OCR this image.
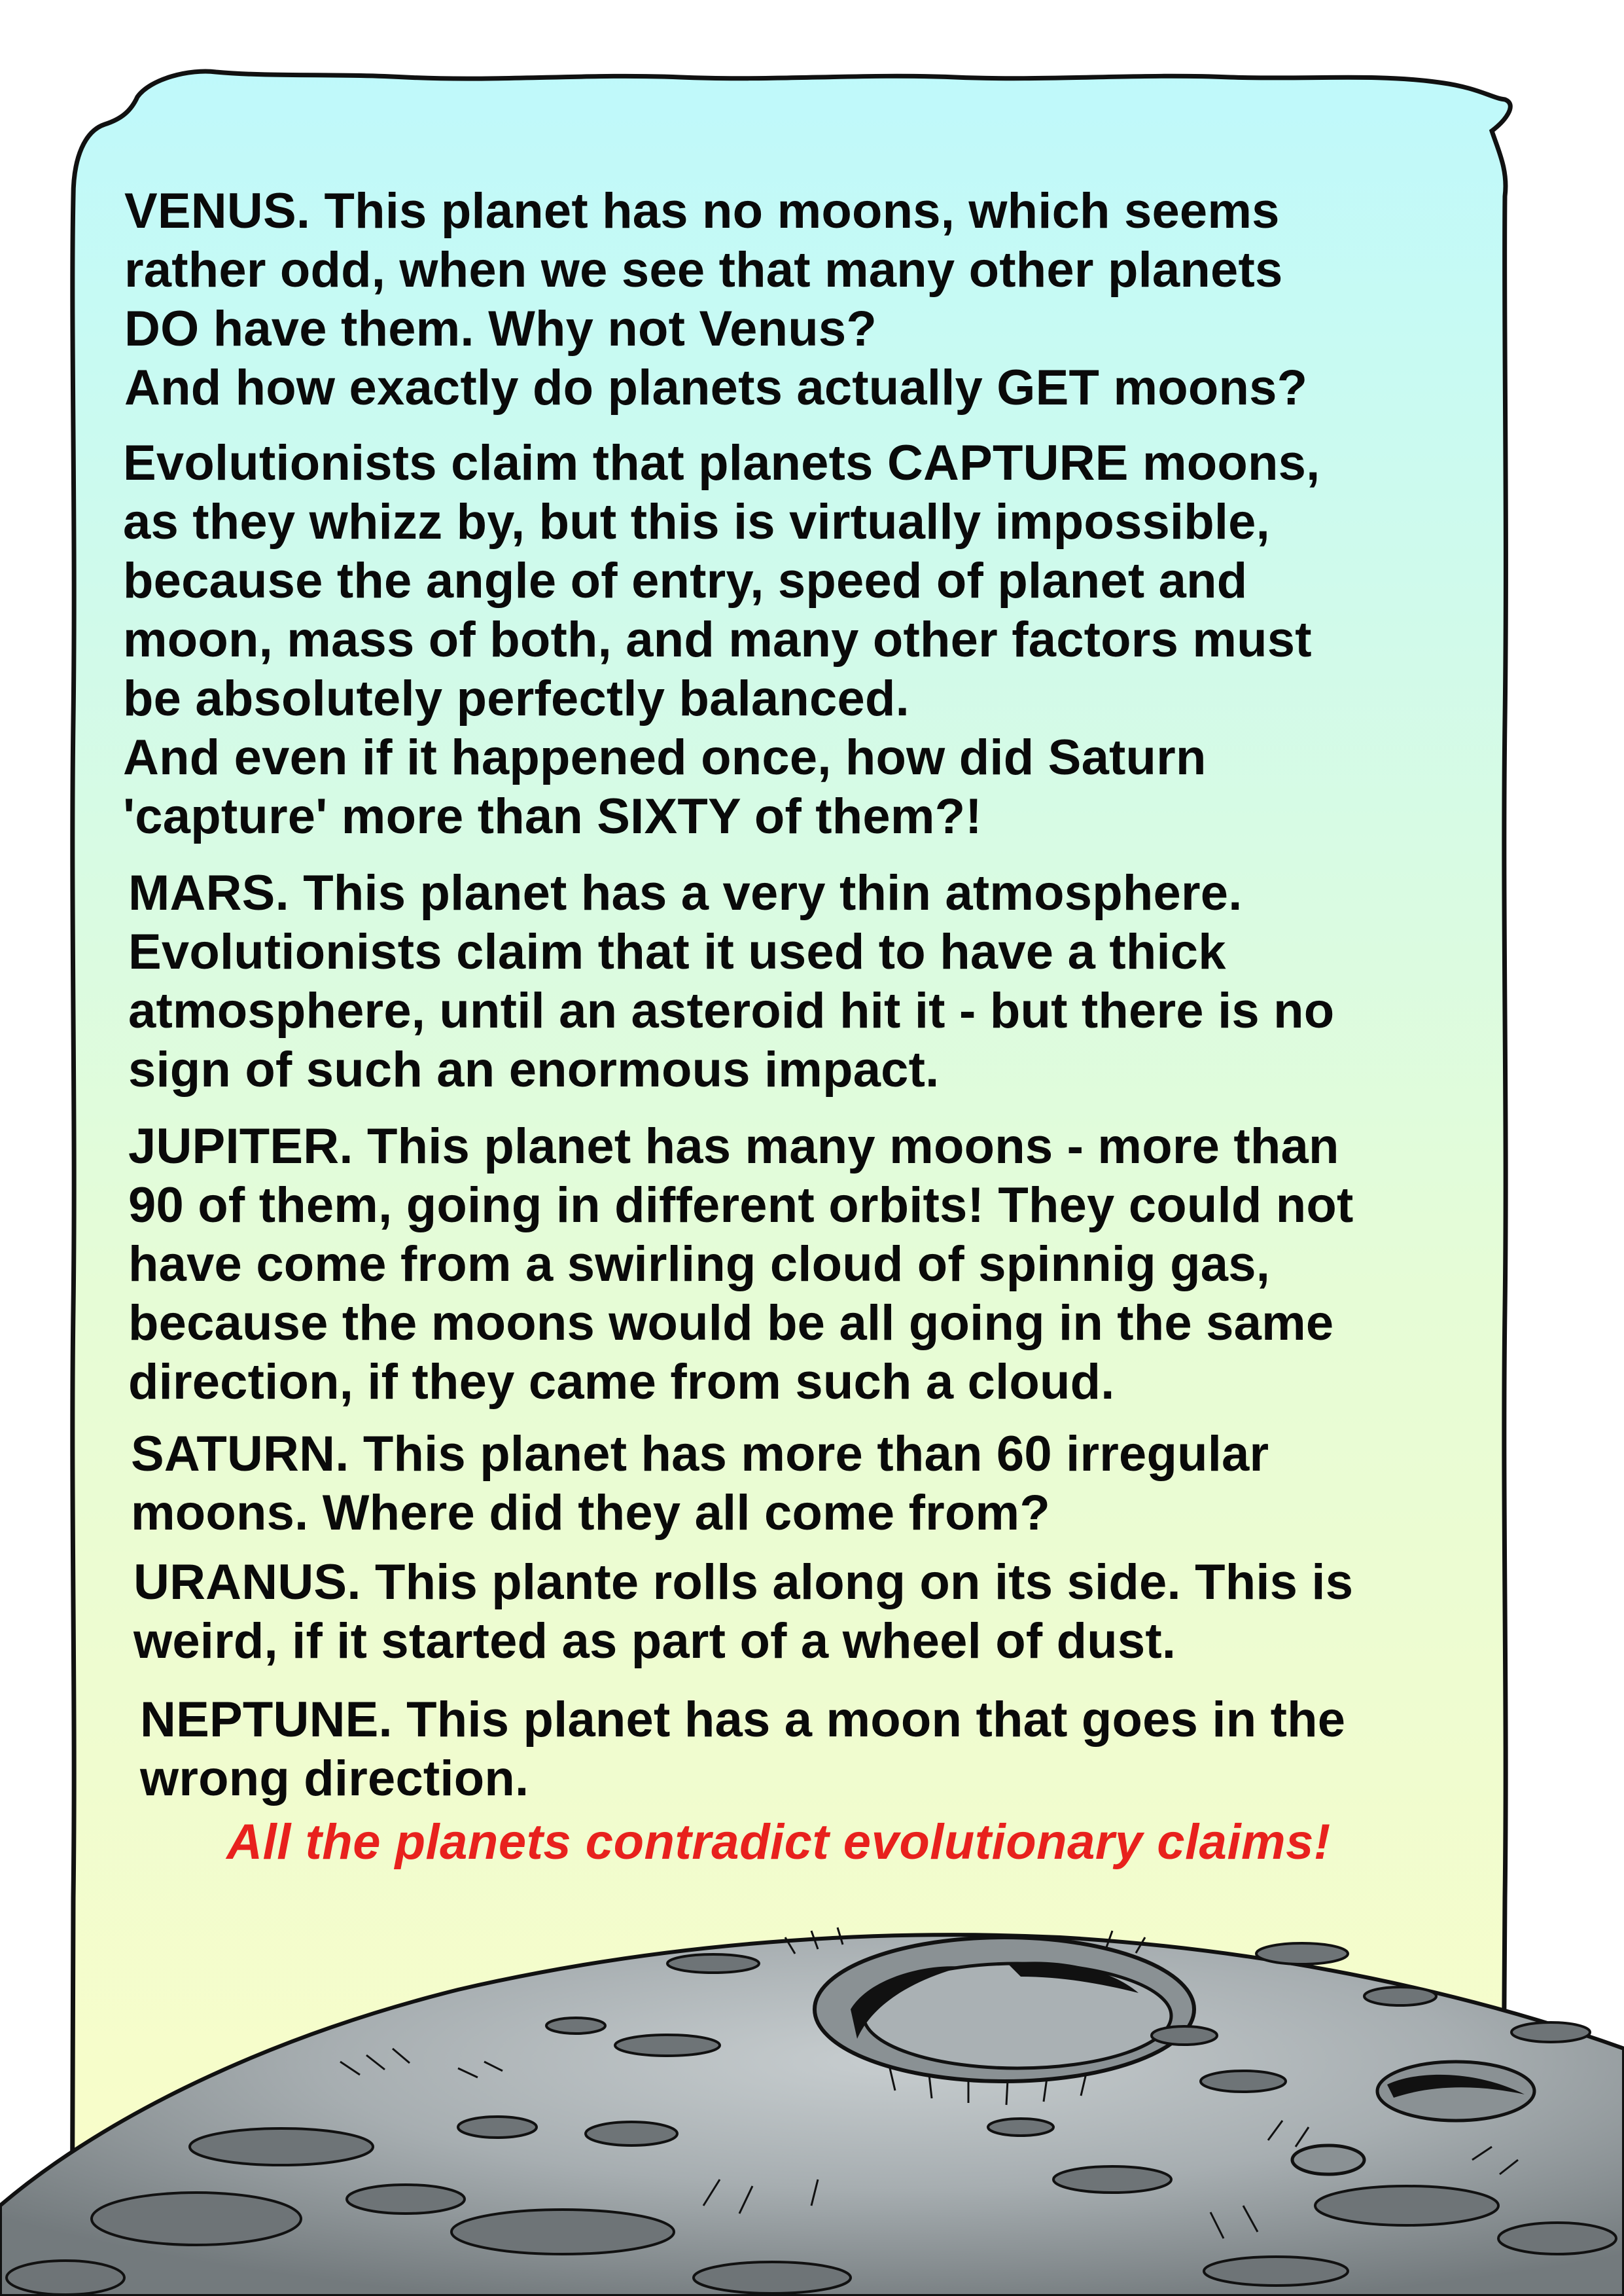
VENUS. This planet has no moons, which seems
rather odd, when we see that many other planets
DO have them. Why not Venus?
And how exactly do planets actually GET moons?

Evolutionists claim that planets CAPTURE moons,
as they whizz by, but this is virtually impossible,
because the angle of entry, speed of planet and
moon, mass of both, and many other factors must
be absolutely perfectly balanced.
And even if it happened once, how did Saturn
'capture' more than SIXTY of them?!

MARS. This planet has a very thin atmosphere.
Evolutionists claim that it used to have a thick
atmosphere, until an asteroid hit it - but there is no
sign of such an enormous impact.

JUPITER. This planet has many moons - more than
90 of them, going in different orbits! They could not
have come from a swirling cloud of spinnig gas,
because the moons would be all going in the same
direction, if they came from such a cloud.

SATURN. This planet has more than 60 irregular
moons. Where did they all come from?

URANUS. This plante rolls along on its side. This is
weird, if it started as part of a wheel of dust.

NEPTUNE. This planet has a moon that goes in the
wrong direction.

All the planets contradict evolutionary claims!
